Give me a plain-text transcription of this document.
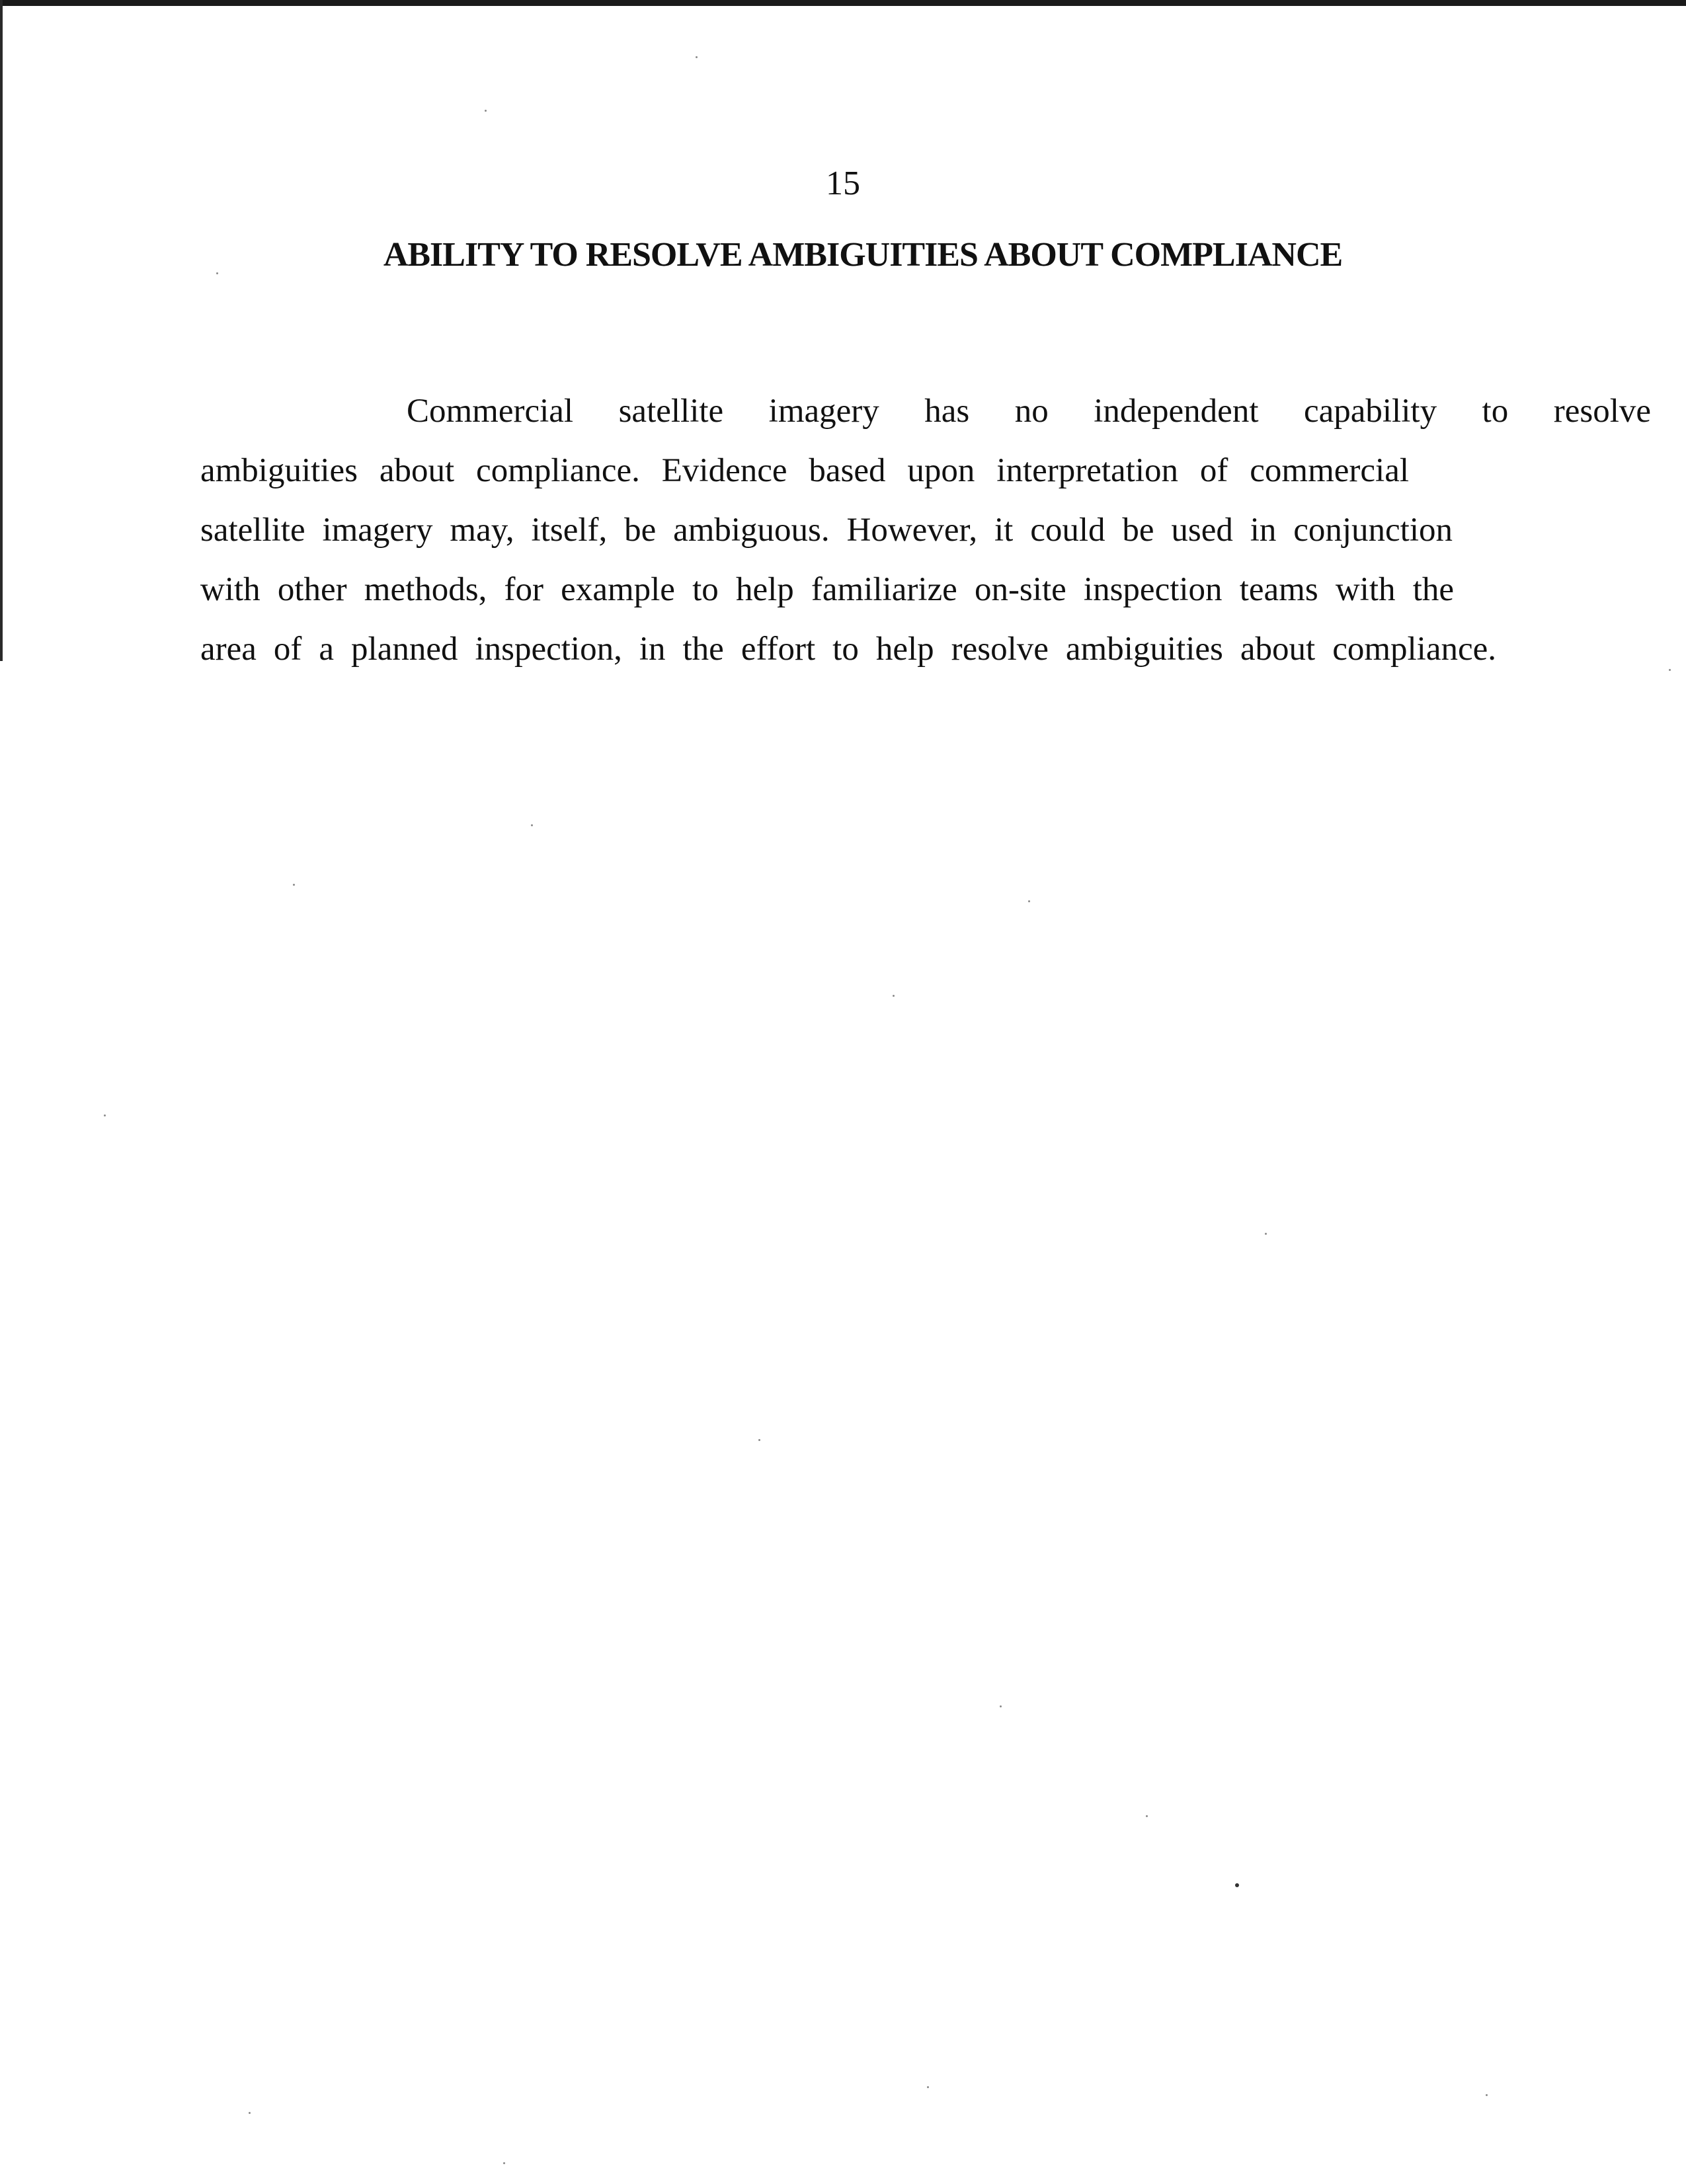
15

ABILITY TO RESOLVE AMBIGUITIES ABOUT COMPLIANCE
Commercial satellite imagery has no independent capability to resolve
ambiguities about compliance. Evidence based upon interpretation of commercial
satellite imagery may, itself, be ambiguous. However, it could be used in conjunction
with other methods, for example to help familiarize on-site inspection teams with the
area of a planned inspection, in the effort to help resolve ambiguities about compliance.
